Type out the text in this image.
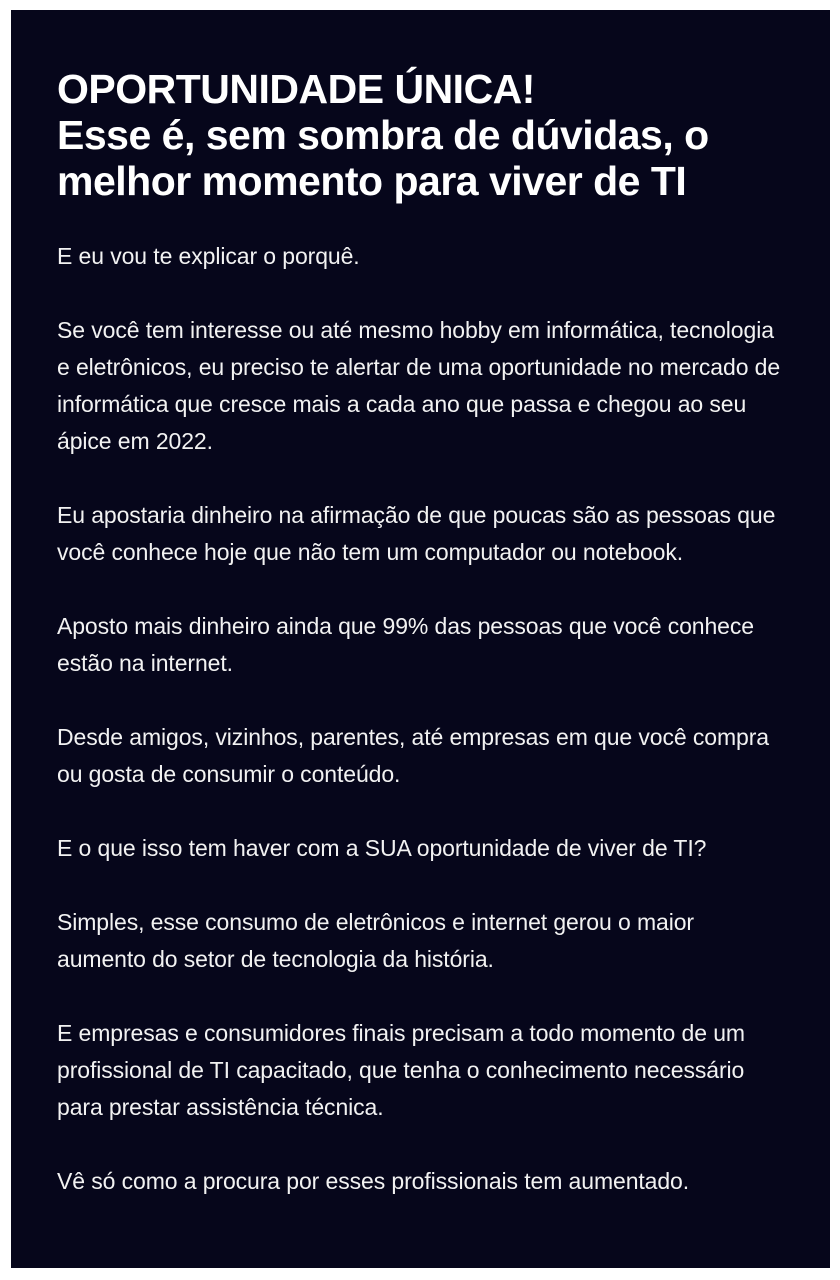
OPORTUNIDADE ÚNICA!
Esse é, sem sombra de dúvidas, o melhor momento para viver de TI

E eu vou te explicar o porquê.

Se você tem interesse ou até mesmo hobby em informática, tecnologia e eletrônicos, eu preciso te alertar de uma oportunidade no mercado de informática que cresce mais a cada ano que passa e chegou ao seu ápice em 2022.

Eu apostaria dinheiro na afirmação de que poucas são as pessoas que você conhece hoje que não tem um computador ou notebook.

Aposto mais dinheiro ainda que 99% das pessoas que você conhece estão na internet.

Desde amigos, vizinhos, parentes, até empresas em que você compra ou gosta de consumir o conteúdo.

E o que isso tem haver com a SUA oportunidade de viver de TI?

Simples, esse consumo de eletrônicos e internet gerou o maior aumento do setor de tecnologia da história.

E empresas e consumidores finais precisam a todo momento de um profissional de TI capacitado, que tenha o conhecimento necessário para prestar assistência técnica.

Vê só como a procura por esses profissionais tem aumentado.
